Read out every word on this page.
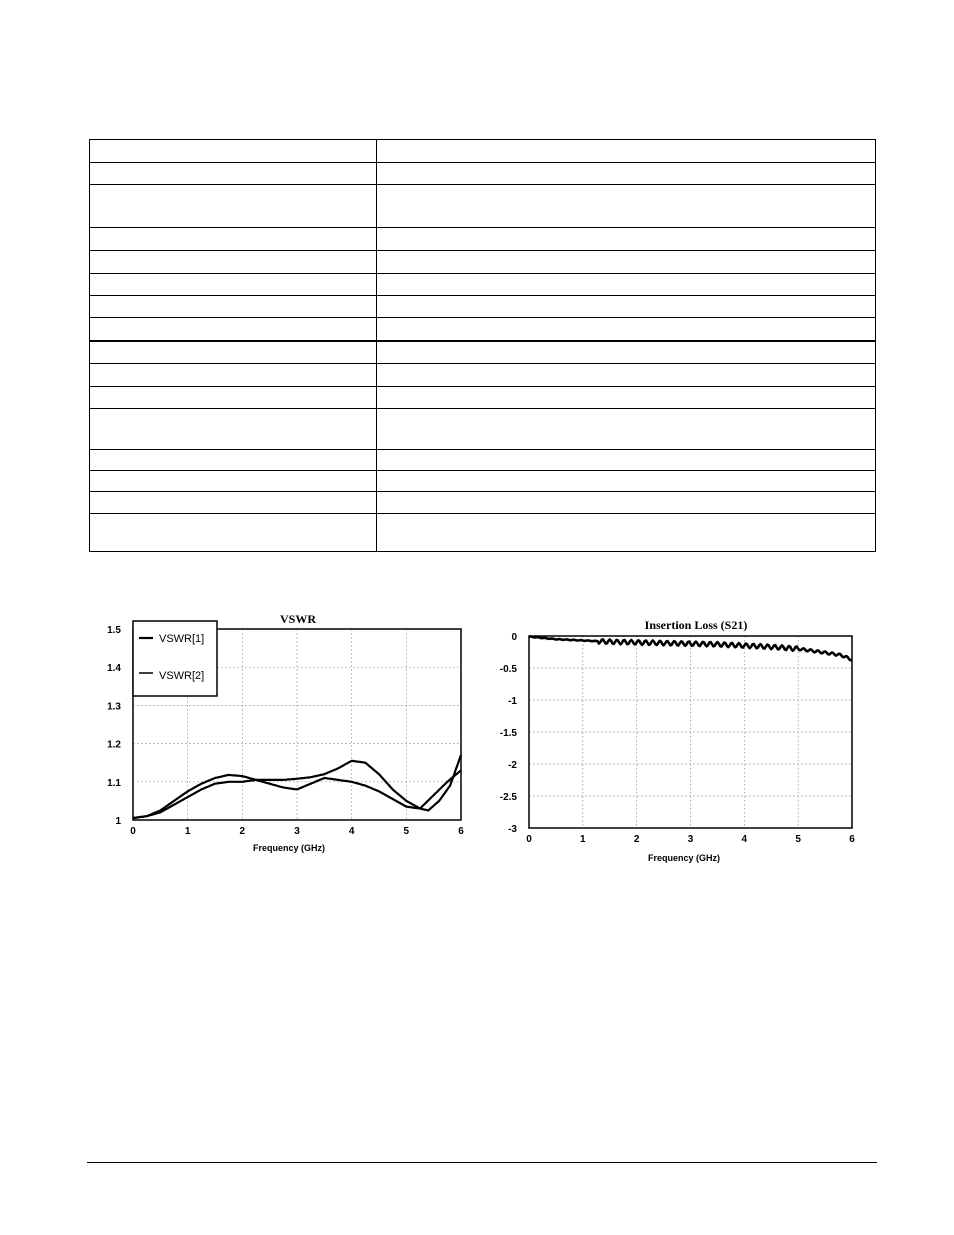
VSWR
1.5
1.4
1.3
1.2
1.1
1
0	1	2	3	4	5	6
Frequency (GHz)
VSWR[1]
VSWR[2]
Insertion Loss (S21)
0
-0.5
-1
-1.5
-2
-2.5
-3
0	1	2	3	4	5	6
Frequency (GHz)
